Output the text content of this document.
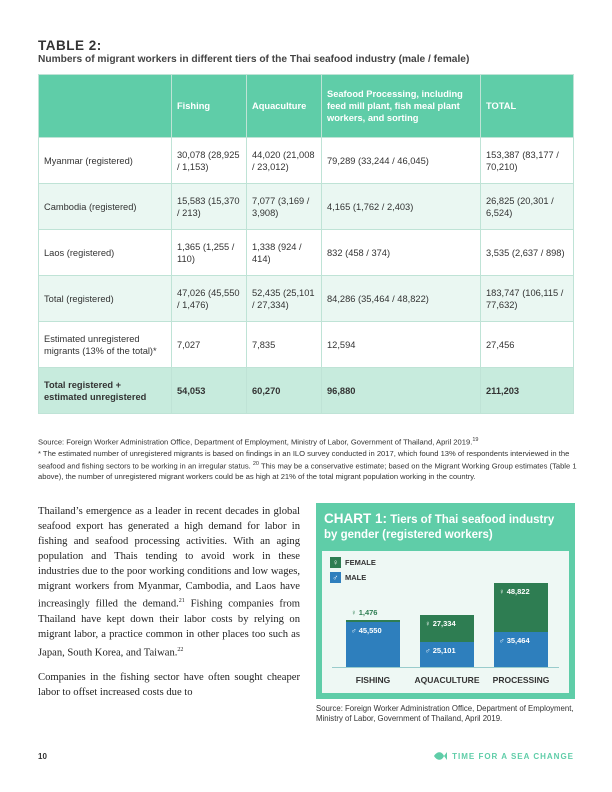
TABLE 2:
Numbers of migrant workers in different tiers of the Thai seafood industry (male / female)
	Fishing	Aquaculture	Seafood Processing, including feed mill plant, fish meal plant workers, and sorting	TOTAL
Myanmar (registered)	30,078 (28,925 / 1,153)	44,020 (21,008 / 23,012)	79,289 (33,244 / 46,045)	153,387 (83,177 / 70,210)
Cambodia (registered)	15,583 (15,370 / 213)	7,077 (3,169 / 3,908)	4,165 (1,762 / 2,403)	26,825 (20,301 / 6,524)
Laos (registered)	1,365 (1,255 / 110)	1,338 (924 / 414)	832 (458 / 374)	3,535 (2,637 / 898)
Total (registered)	47,026 (45,550 / 1,476)	52,435 (25,101 / 27,334)	84,286 (35,464 / 48,822)	183,747 (106,115 / 77,632)
Estimated unregistered migrants (13% of the total)*	7,027	7,835	12,594	27,456
Total registered + estimated unregistered	54,053	60,270	96,880	211,203
Source: Foreign Worker Administration Office, Department of Employment, Ministry of Labor, Government of Thailand, April 2019.19
* The estimated number of unregistered migrants is based on findings in an ILO survey conducted in 2017, which found 13% of respondents interviewed in the seafood and fishing sectors to be working in an irregular status. $^{20}$ This may be a conservative estimate; based on the Migrant Working Group estimates (Table 1 above), the number of unregistered migrant workers could be as high at 21% of the total migrant population working in the country.

Thailand’s emergence as a leader in recent decades in global seafood export has generated a high demand for labor in fishing and seafood processing activities. With an aging population and Thais tending to avoid work in these industries due to the poor working conditions and low wages, migrant workers from Myanmar, Cambodia, and Laos have increasingly filled the demand.$^{21}$ Fishing companies from Thailand have kept down their labor costs by relying on migrant labor, a practice common in other places too such as Japan, South Korea, and Taiwan.$^{22}$

Companies in the fishing sector have often sought cheaper labor to offset increased costs due to

CHART 1: Tiers of Thai seafood industry by gender (registered workers)
♀ FEMALE
♂ MALE
♂ 45,550
♀ 1,476
FISHING
♂ 25,101
♀ 27,334
AQUACULTURE
♂ 35,464
♀ 48,822
PROCESSING
Source: Foreign Worker Administration Office, Department of Employment, Ministry of Labor, Government of Thailand, April 2019.
10	TIME FOR A SEA CHANGE
